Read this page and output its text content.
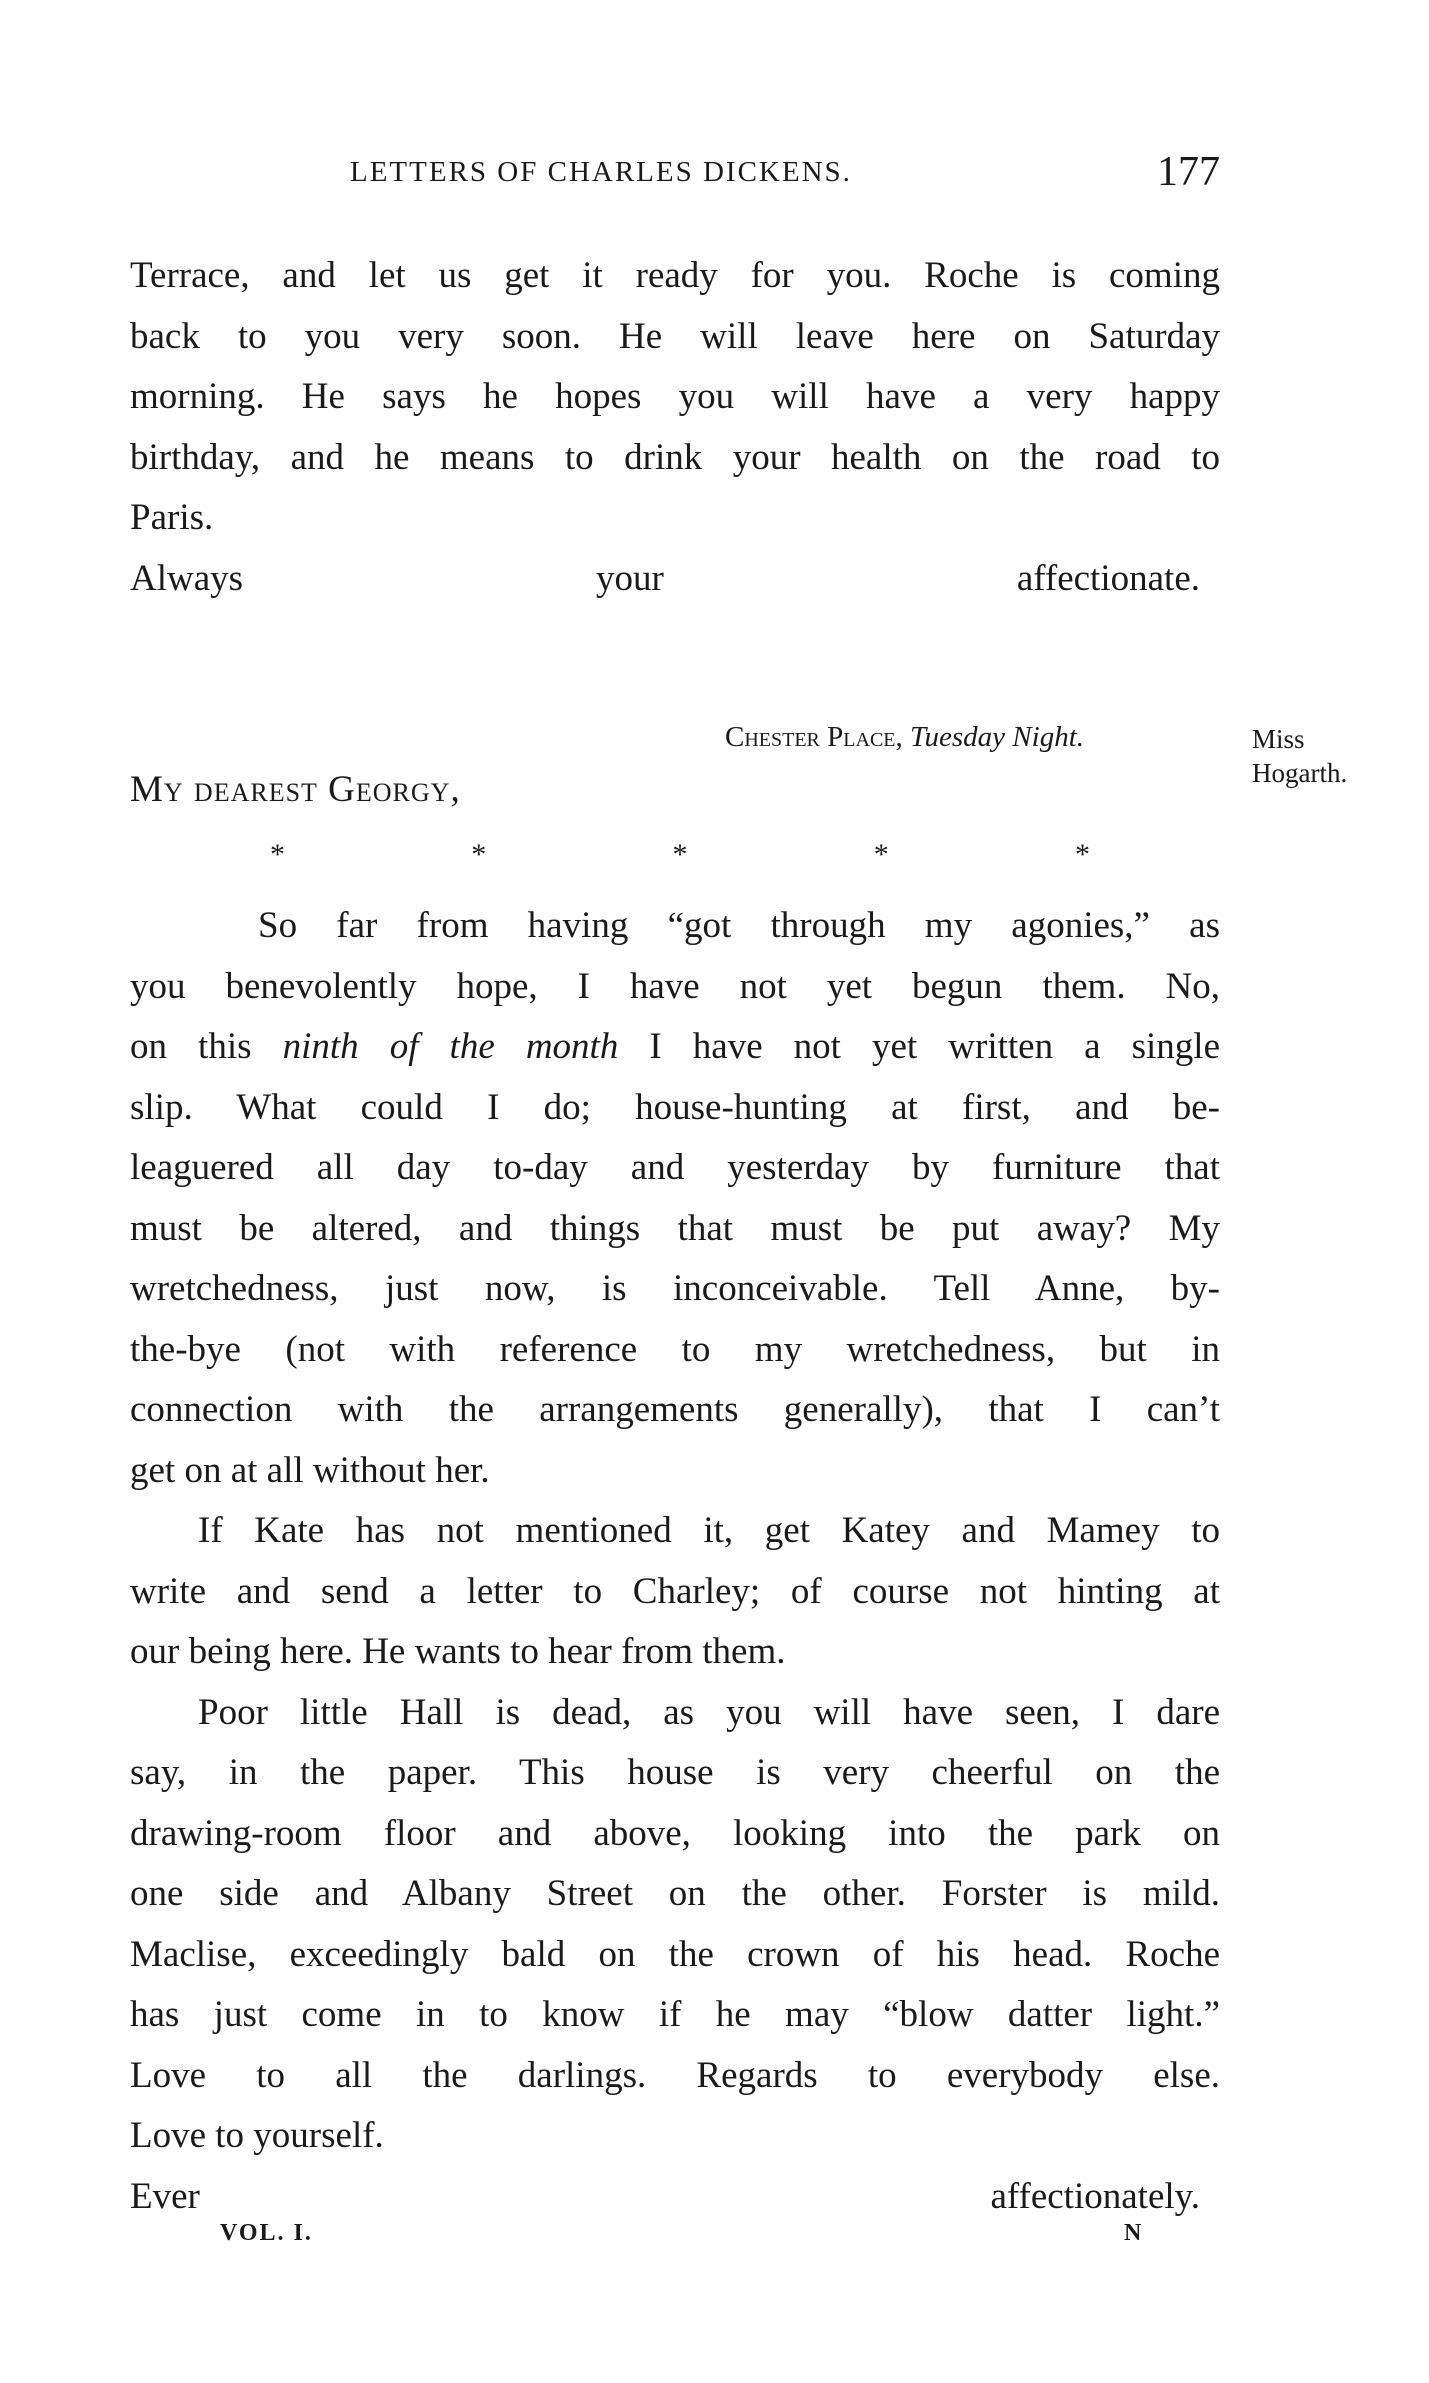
LETTERS OF CHARLES DICKENS.	177
Terrace, and let us get it ready for you. Roche is coming
back to you very soon. He will leave here on Saturday
morning. He says he hopes you will have a very happy
birthday, and he means to drink your health on the road to
Paris.
Always your affectionate.
Chester Place, Tuesday Night.	Miss
Hogarth.
My dearest Georgy,
*	*	*	*	*
So far from having “got through my agonies,” as
you benevolently hope, I have not yet begun them. No,
on this ninth of the month I have not yet written a single
slip. What could I do; house-hunting at first, and be-
leaguered all day to-day and yesterday by furniture that
must be altered, and things that must be put away? My
wretchedness, just now, is inconceivable. Tell Anne, by-
the-bye (not with reference to my wretchedness, but in
connection with the arrangements generally), that I can’t
get on at all without her.
If Kate has not mentioned it, get Katey and Mamey to
write and send a letter to Charley; of course not hinting at
our being here. He wants to hear from them.
Poor little Hall is dead, as you will have seen, I dare
say, in the paper. This house is very cheerful on the
drawing-room floor and above, looking into the park on
one side and Albany Street on the other. Forster is mild.
Maclise, exceedingly bald on the crown of his head. Roche
has just come in to know if he may “blow datter light.”
Love to all the darlings. Regards to everybody else.
Love to yourself.
Ever affectionately.
VOL. I.	N
